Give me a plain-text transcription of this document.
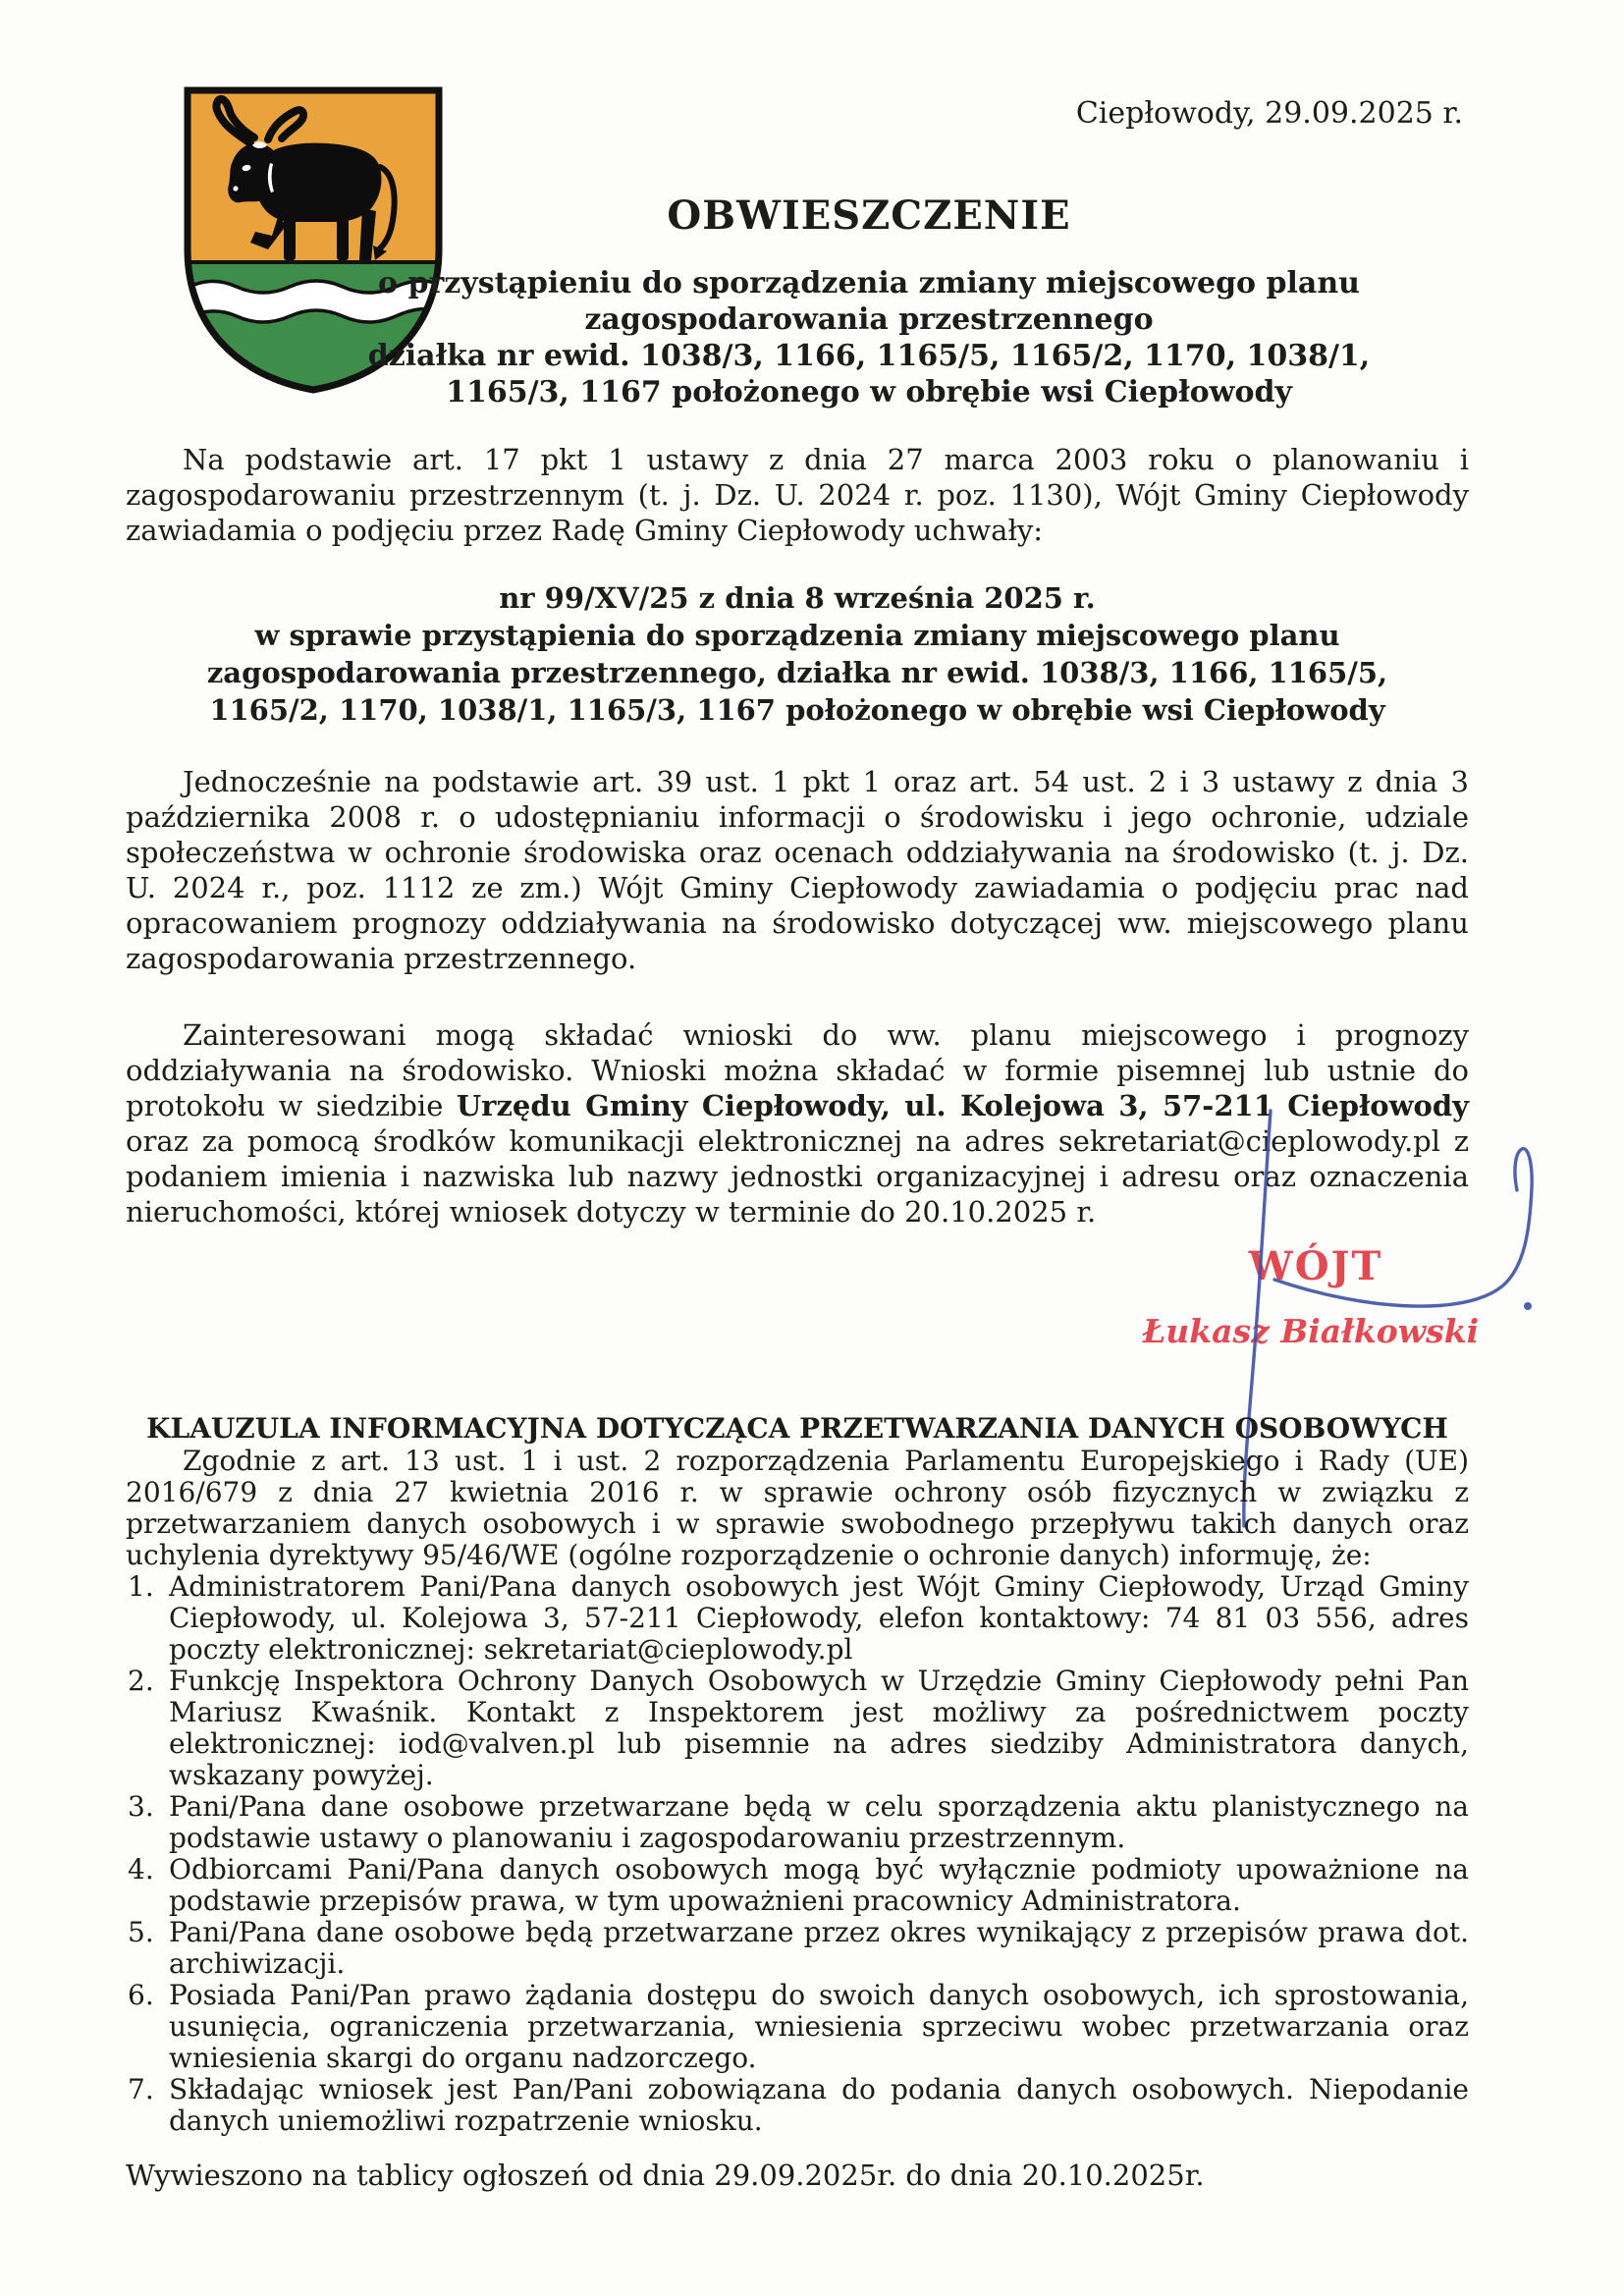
Ciepłowody, 29.09.2025 r.
OBWIESZCZENIE
o przystąpieniu do sporządzenia zmiany miejscowego planu
zagospodarowania przestrzennego
działka nr ewid. 1038/3, 1166, 1165/5, 1165/2, 1170, 1038/1,
1165/3, 1167 położonego w obrębie wsi Ciepłowody

Na podstawie art. 17 pkt 1 ustawy z dnia 27 marca 2003 roku o planowaniu i zagospodarowaniu przestrzennym (t. j. Dz. U. 2024 r. poz. 1130), Wójt Gminy Ciepłowody zawiadamia o podjęciu przez Radę Gminy Ciepłowody uchwały:

nr 99/XV/25 z dnia 8 września 2025 r.
w sprawie przystąpienia do sporządzenia zmiany miejscowego planu
zagospodarowania przestrzennego, działka nr ewid. 1038/3, 1166, 1165/5,
1165/2, 1170, 1038/1, 1165/3, 1167 położonego w obrębie wsi Ciepłowody

Jednocześnie na podstawie art. 39 ust. 1 pkt 1 oraz art. 54 ust. 2 i 3 ustawy z dnia 3 października 2008 r. o udostępnianiu informacji o środowisku i jego ochronie, udziale społeczeństwa w ochronie środowiska oraz ocenach oddziaływania na środowisko (t. j. Dz. U. 2024 r., poz. 1112 ze zm.) Wójt Gminy Ciepłowody zawiadamia o podjęciu prac nad opracowaniem prognozy oddziaływania na środowisko dotyczącej ww. miejscowego planu zagospodarowania przestrzennego.

Zainteresowani mogą składać wnioski do ww. planu miejscowego i prognozy oddziaływania na środowisko. Wnioski można składać w formie pisemnej lub ustnie do protokołu w siedzibie Urzędu Gminy Ciepłowody, ul. Kolejowa 3, 57-211 Ciepłowody oraz za pomocą środków komunikacji elektronicznej na adres sekretariat@cieplowody.pl z podaniem imienia i nazwiska lub nazwy jednostki organizacyjnej i adresu oraz oznaczenia nieruchomości, której wniosek dotyczy w terminie do 20.10.2025 r.

WÓJT
Łukasz Białkowski
KLAUZULA INFORMACYJNA DOTYCZĄCA PRZETWARZANIA DANYCH OSOBOWYCH

Zgodnie z art. 13 ust. 1 i ust. 2 rozporządzenia Parlamentu Europejskiego i Rady (UE) 2016/679 z dnia 27 kwietnia 2016 r. w sprawie ochrony osób fizycznych w związku z przetwarzaniem danych osobowych i w sprawie swobodnego przepływu takich danych oraz uchylenia dyrektywy 95/46/WE (ogólne rozporządzenie o ochronie danych) informuję, że:

Administratorem Pani/Pana danych osobowych jest Wójt Gminy Ciepłowody, Urząd Gminy Ciepłowody, ul. Kolejowa 3, 57-211 Ciepłowody, elefon kontaktowy: 74 81 03 556, adres poczty elektronicznej: sekretariat@cieplowody.pl
Funkcję Inspektora Ochrony Danych Osobowych w Urzędzie Gminy Ciepłowody pełni Pan Mariusz Kwaśnik. Kontakt z Inspektorem jest możliwy za pośrednictwem poczty elektronicznej: iod@valven.pl lub pisemnie na adres siedziby Administratora danych, wskazany powyżej.
Pani/Pana dane osobowe przetwarzane będą w celu sporządzenia aktu planistycznego na podstawie ustawy o planowaniu i zagospodarowaniu przestrzennym.
Odbiorcami Pani/Pana danych osobowych mogą być wyłącznie podmioty upoważnione na podstawie przepisów prawa, w tym upoważnieni pracownicy Administratora.
Pani/Pana dane osobowe będą przetwarzane przez okres wynikający z przepisów prawa dot. archiwizacji.
Posiada Pani/Pan prawo żądania dostępu do swoich danych osobowych, ich sprostowania, usunięcia, ograniczenia przetwarzania, wniesienia sprzeciwu wobec przetwarzania oraz wniesienia skargi do organu nadzorczego.
Składając wniosek jest Pan/Pani zobowiązana do podania danych osobowych. Niepodanie danych uniemożliwi rozpatrzenie wniosku.
Wywieszono na tablicy ogłoszeń od dnia 29.09.2025r. do dnia 20.10.2025r.
